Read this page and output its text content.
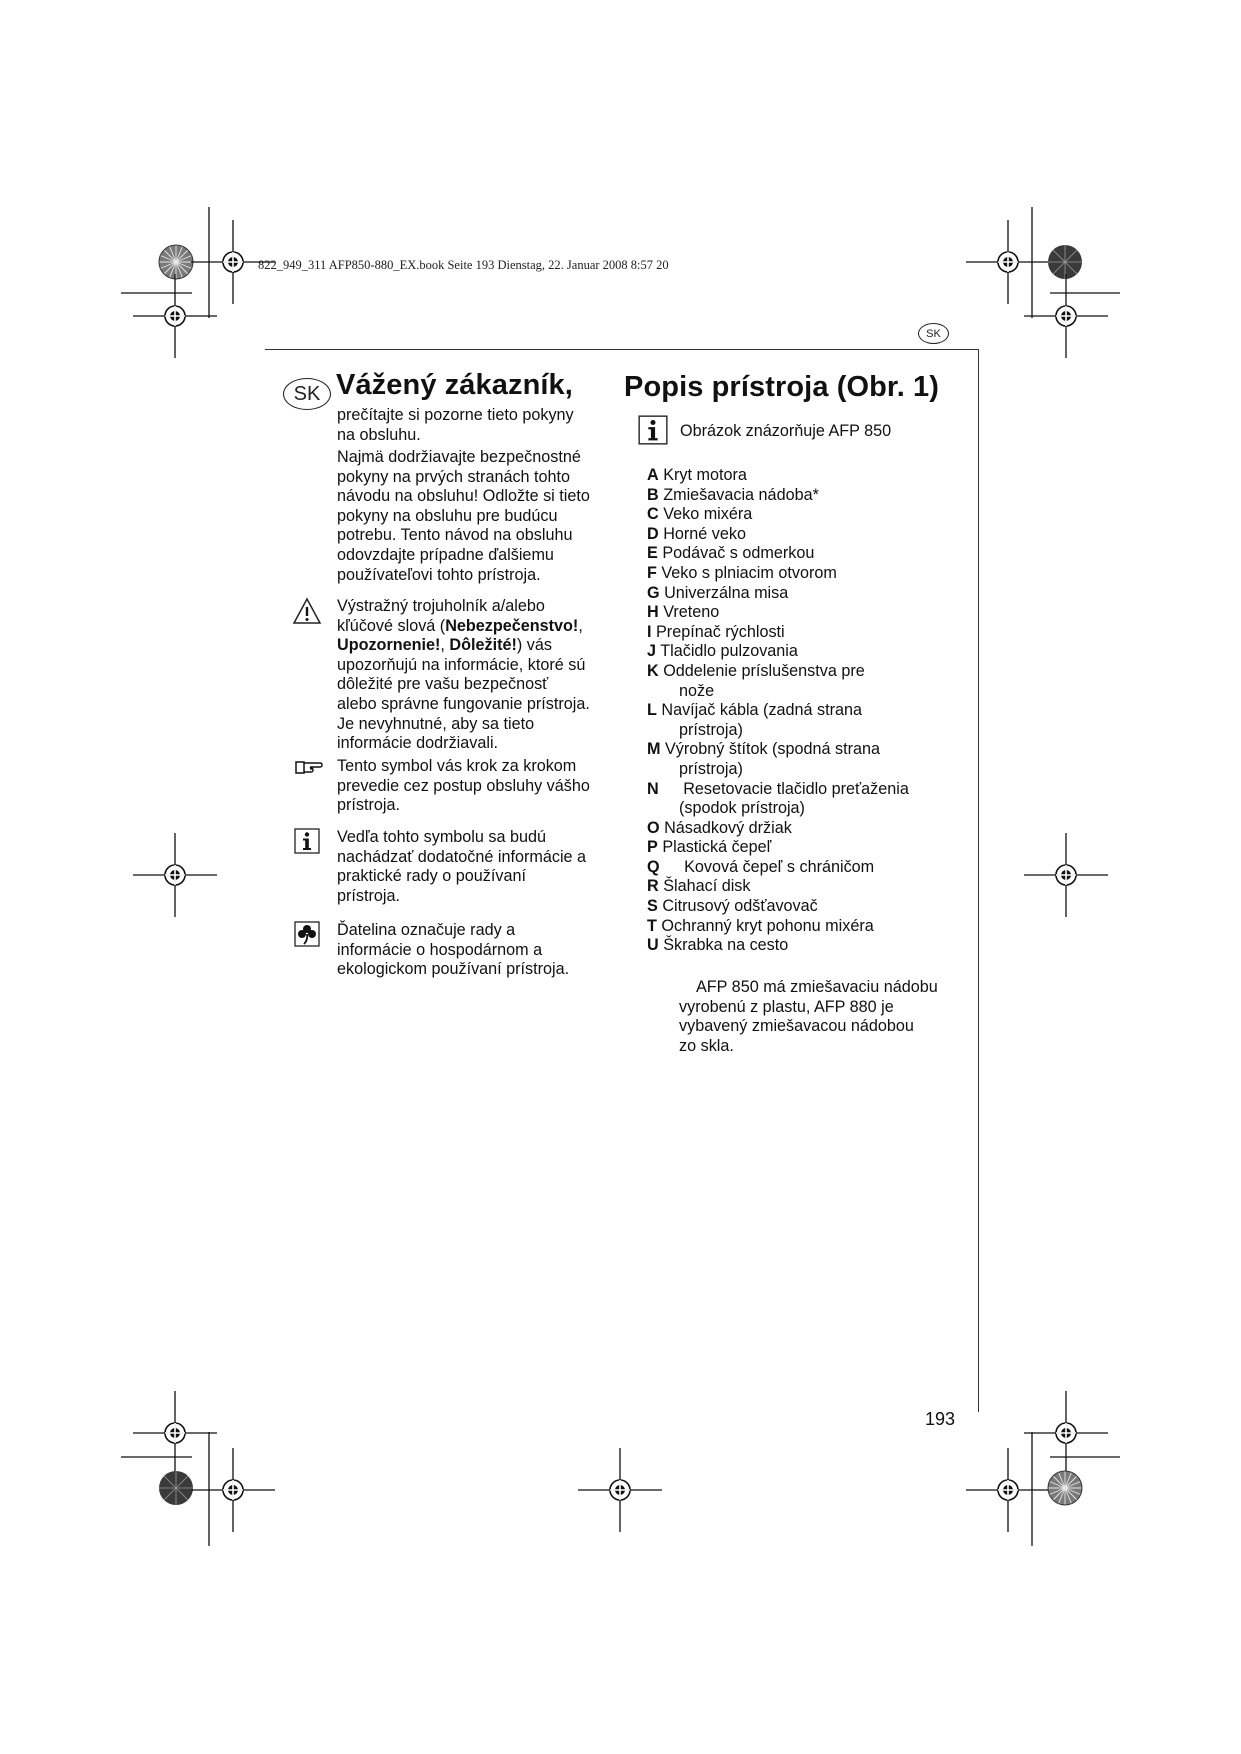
822_949_311 AFP850-880_EX.book Seite 193 Dienstag, 22. Januar 2008 8:57 20
SK
SK Vážený zákazník,
prečítajte si pozorne tieto pokyny
na obsluhu.
Najmä dodržiavajte bezpečnostné
pokyny na prvých stranách tohto
návodu na obsluhu! Odložte si tieto
pokyny na obsluhu pre budúcu
potrebu. Tento návod na obsluhu
odovzdajte prípadne ďalšiemu
používateľovi tohto prístroja.
Výstražný trojuholník a/alebo
kľúčové slová (Nebezpečenstvo!,
Upozornenie!, Dôležité!) vás
upozorňujú na informácie, ktoré sú
dôležité pre vašu bezpečnosť
alebo správne fungovanie prístroja.
Je nevyhnutné, aby sa tieto
informácie dodržiavali.
Tento symbol vás krok za krokom
prevedie cez postup obsluhy vášho
prístroja.
Vedľa tohto symbolu sa budú
nachádzať dodatočné informácie a
praktické rady o používaní
prístroja.
Ďatelina označuje rady a
informácie o hospodárnom a
ekologickom používaní prístroja.
Popis prístroja (Obr. 1)
Obrázok znázorňuje AFP 850
A Kryt motora
B Zmiešavacia nádoba*
C Veko mixéra
D Horné veko
E Podávač s odmerkou
F Veko s plniacim otvorom
G Univerzálna misa
H Vreteno
I Prepínač rýchlosti
J Tlačidlo pulzovania
K Oddelenie príslušenstva pre
nože
L Navíjač kábla (zadná strana
prístroja)
M Výrobný štítok (spodná strana
prístroja)
N Resetovacie tlačidlo preťaženia
(spodok prístroja)
O Násadkový držiak
P Plastická čepeľ
Q Kovová čepeľ s chráničom
R Šlahací disk
S Citrusový odšťavovač
T Ochranný kryt pohonu mixéra
U Škrabka na cesto
AFP 850 má zmiešavaciu nádobu
vyrobenú z plastu, AFP 880 je
vybavený zmiešavacou nádobou
zo skla.
193
